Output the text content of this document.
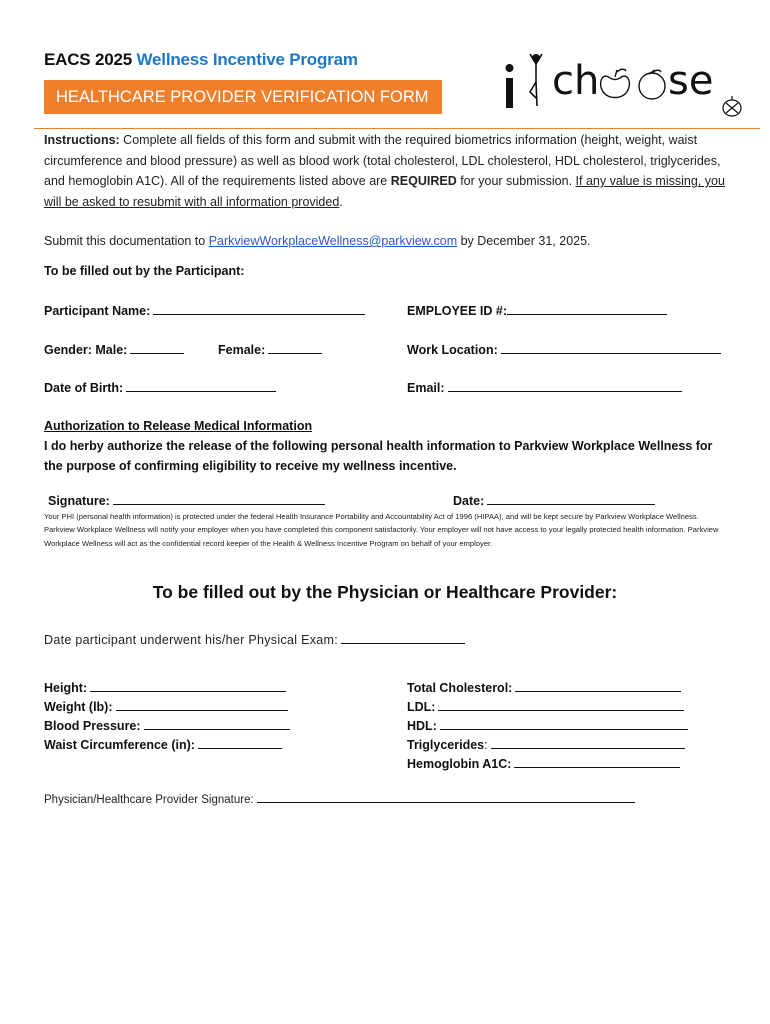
EACS 2025 Wellness Incentive Program
HEALTHCARE PROVIDER VERIFICATION FORM	ch se
Instructions: Complete all fields of this form and submit with the required biometrics information (height, weight, waist circumference and blood pressure) as well as blood work (total cholesterol, LDL cholesterol, HDL cholesterol, triglycerides, and hemoglobin A1C). All of the requirements listed above are REQUIRED for your submission. If any value is missing, you will be asked to resubmit with all information provided.
Submit this documentation to ParkviewWorkplaceWellness@parkview.com by December 31, 2025.
To be filled out by the Participant:
Participant Name:	EMPLOYEE ID #:
Gender: Male:	Female:	Work Location:
Date of Birth:	Email:
Authorization to Release Medical Information
I do herby authorize the release of the following personal health information to Parkview Workplace Wellness for the purpose of confirming eligibility to receive my wellness incentive.
Signature:	Date:
Your PHI (personal health information) is protected under the federal Health Insurance Portability and Accountability Act of 1996 (HIPAA), and will be kept secure by Parkview Workplace Wellness. Parkview Workplace Wellness will notify your employer when you have completed this component satisfactorily. Your employer will not have access to your legally protected health information. Parkview Workplace Wellness will act as the confidential record keeper of the Health & Wellness Incentive Program on behalf of your employer.
To be filled out by the Physician or Healthcare Provider:
Date participant underwent his/her Physical Exam:
Height:
Weight (lb):
Blood Pressure:
Waist Circumference (in):
Total Cholesterol:
LDL:
HDL:
Triglycerides:
Hemoglobin A1C:
Physician/Healthcare Provider Signature:
